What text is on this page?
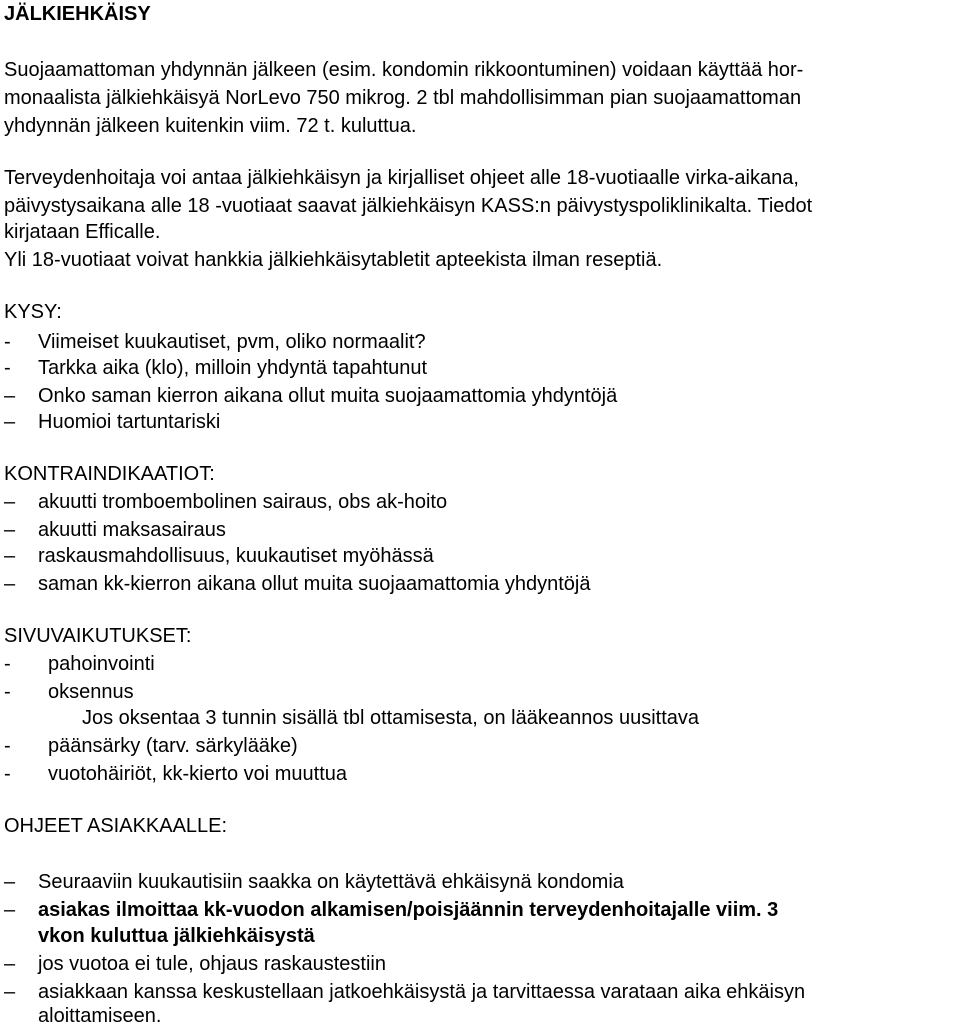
JÄLKIEHKÄISY
Suojaamattoman yhdynnän jälkeen (esim. kondomin rikkoontuminen) voidaan käyttää hor-
monaalista jälkiehkäisyä NorLevo 750 mikrog. 2 tbl mahdollisimman pian suojaamattoman
yhdynnän jälkeen kuitenkin viim. 72 t. kuluttua.
Terveydenhoitaja voi antaa jälkiehkäisyn ja kirjalliset ohjeet alle 18-vuotiaalle virka-aikana,
päivystysaikana alle 18 -vuotiaat saavat jälkiehkäisyn KASS:n päivystyspoliklinikalta. Tiedot
kirjataan Efficalle.
Yli 18-vuotiaat voivat hankkia jälkiehkäisytabletit apteekista ilman reseptiä.
KYSY:
- Viimeiset kuukautiset, pvm, oliko normaalit?
- Tarkka aika (klo), milloin yhdyntä tapahtunut
– Onko saman kierron aikana ollut muita suojaamattomia yhdyntöjä
– Huomioi tartuntariski
KONTRAINDIKAATIOT:
– akuutti tromboembolinen sairaus, obs ak-hoito
– akuutti maksasairaus
– raskausmahdollisuus, kuukautiset myöhässä
– saman kk-kierron aikana ollut muita suojaamattomia yhdyntöjä
SIVUVAIKUTUKSET:
- pahoinvointi
- oksennus
Jos oksentaa 3 tunnin sisällä tbl ottamisesta, on lääkeannos uusittava
- päänsärky (tarv. särkylääke)
- vuotohäiriöt, kk-kierto voi muuttua
OHJEET ASIAKKAALLE:
– Seuraaviin kuukautisiin saakka on käytettävä ehkäisynä kondomia
– asiakas ilmoittaa kk-vuodon alkamisen/poisjäännin terveydenhoitajalle viim. 3
vkon kuluttua jälkiehkäisystä
– jos vuotoa ei tule, ohjaus raskaustestiin
– asiakkaan kanssa keskustellaan jatkoehkäisystä ja tarvittaessa varataan aika ehkäisyn
aloittamiseen.
